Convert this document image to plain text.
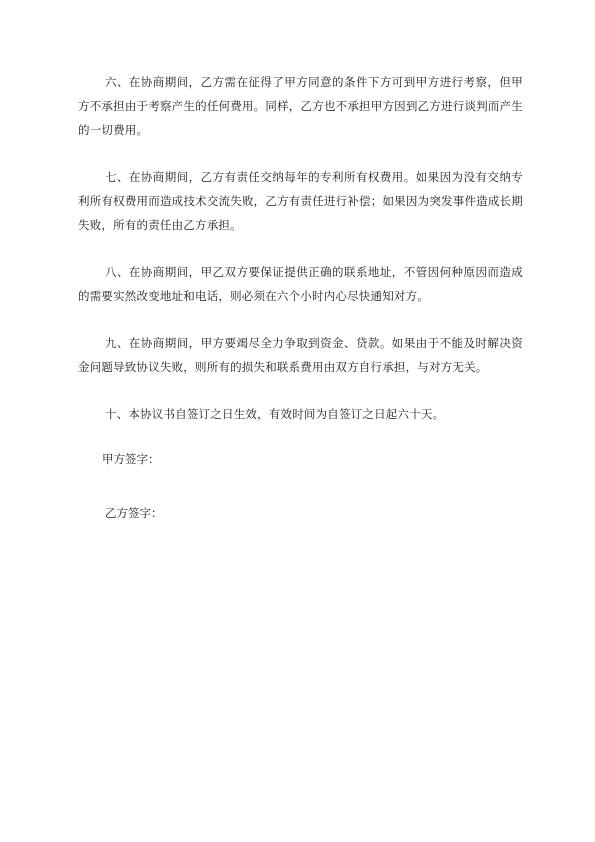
六、在协商期间，乙方需在征得了甲方同意的条件下方可到甲方进行考察，但甲方不承担由于考察产生的任何费用。同样，乙方也不承担甲方因到乙方进行谈判而产生的一切费用。

七、在协商期间，乙方有责任交纳每年的专利所有权费用。如果因为没有交纳专利所有权费用而造成技术交流失败，乙方有责任进行补偿；如果因为突发事件造成长期失败，所有的责任由乙方承担。

八、在协商期间，甲乙双方要保证提供正确的联系地址，不管因何种原因而造成的需要实然改变地址和电话，则必须在六个小时内心尽快通知对方。

九、在协商期间，甲方要竭尽全力争取到资金、贷款。如果由于不能及时解决资金问题导致协议失败，则所有的损失和联系费用由双方自行承担，与对方无关。

十、本协议书自签订之日生效，有效时间为自签订之日起六十天。

甲方签字：

乙方签字：
